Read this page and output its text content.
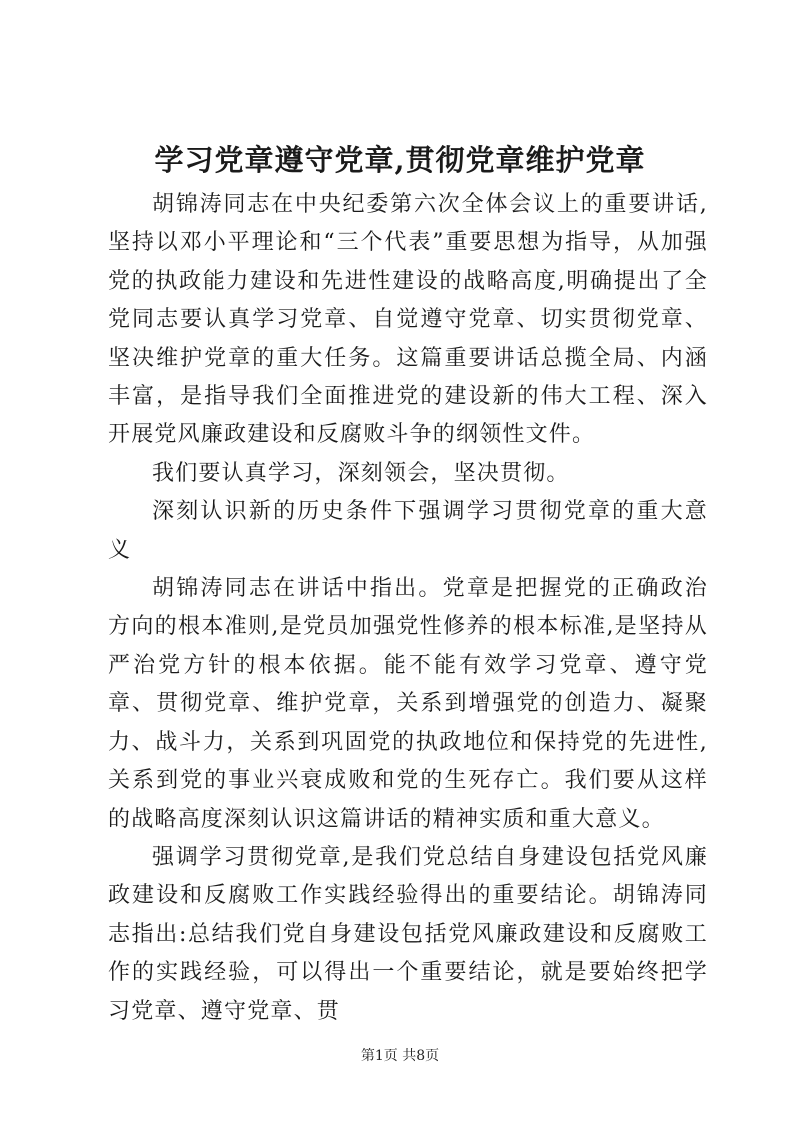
学习党章遵守党章,贯彻党章维护党章

胡锦涛同志在中央纪委第六次全体会议上的重要讲话,坚持以邓小平理论和“三个代表”重要思想为指导，从加强党的执政能力建设和先进性建设的战略高度,明确提出了全党同志要认真学习党章、自觉遵守党章、切实贯彻党章、坚决维护党章的重大任务。这篇重要讲话总揽全局、内涵丰富，是指导我们全面推进党的建设新的伟大工程、深入开展党风廉政建设和反腐败斗争的纲领性文件。

我们要认真学习，深刻领会，坚决贯彻。

深刻认识新的历史条件下强调学习贯彻党章的重大意义

胡锦涛同志在讲话中指出。党章是把握党的正确政治方向的根本准则,是党员加强党性修养的根本标准,是坚持从严治党方针的根本依据。能不能有效学习党章、遵守党章、贯彻党章、维护党章，关系到增强党的创造力、凝聚力、战斗力，关系到巩固党的执政地位和保持党的先进性,关系到党的事业兴衰成败和党的生死存亡。我们要从这样的战略高度深刻认识这篇讲话的精神实质和重大意义。

强调学习贯彻党章,是我们党总结自身建设包括党风廉政建设和反腐败工作实践经验得出的重要结论。胡锦涛同志指出:总结我们党自身建设包括党风廉政建设和反腐败工作的实践经验，可以得出一个重要结论，就是要始终把学习党章、遵守党章、贯

第1页 共8页
